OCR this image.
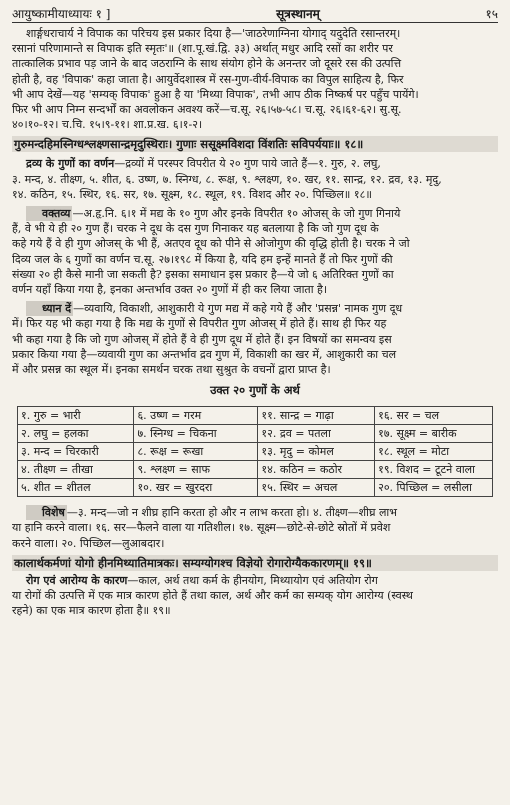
आयुष्कामीयाध्यायः १ ]	सूत्रस्थानम्	१५

शार्ङ्गधराचार्य ने विपाक का परिचय इस प्रकार दिया है—'जाठरेणाग्निना योगाद् यदुदेति रसान्तरम्।

रसानां परिणामान्ते स विपाक इति स्मृतः'॥ (शा.पू.खं.द्वि. ३३) अर्थात् मधुर आदि रसों का शरीर पर

तात्कालिक प्रभाव पड़ जाने के बाद जठराग्नि के साथ संयोग होने के अनन्तर जो दूसरे रस की उत्पत्ति

होती है, वह 'विपाक' कहा जाता है। आयुर्वेदशास्त्र में रस-गुण-वीर्य-विपाक का विपुल साहित्य है, फिर

भी आप देखें—यह 'सम्यक् विपाक' हुआ है या 'मिथ्या विपाक', तभी आप ठीक निष्कर्ष पर पहुँच पायेंगे।

फिर भी आप निम्न सन्दर्भों का अवलोकन अवश्य करें—च.सू. २६।५७-५८। च.सू. २६।६१-६२। सु.सू.

४०।१०-१२। च.चि. १५।९-११। शा.प्र.ख. ६।१-२।

गुरुमन्दहिमस्निग्धश्लक्ष्णसान्द्रमृदुस्थिराः। गुणाः ससूक्ष्मविशदा विंशतिः सविपर्ययाः॥ १८॥

द्रव्य के गुणों का वर्णन—द्रव्यों में परस्पर विपरीत ये २० गुण पाये जाते हैं—१. गुरु, २. लघु,

३. मन्द, ४. तीक्ष्ण, ५. शीत, ६. उष्ण, ७. स्निग्ध, ८. रूक्ष, ९. श्लक्ष्ण, १०. खर, ११. सान्द्र, १२. द्रव, १३. मृदु,

१४. कठिन, १५. स्थिर, १६. सर, १७. सूक्ष्म, १८. स्थूल, १९. विशद और २०. पिच्छिल॥ १८॥

वक्तव्य —अ.हृ.नि. ६।१ में मद्य के १० गुण और इनके विपरीत १० ओजस् के जो गुण गिनाये

हैं, वे भी ये ही २० गुण हैं। चरक ने दूध के दस गुण गिनाकर यह बतलाया है कि जो गुण दूध के

कहे गये हैं वे ही गुण ओजस् के भी हैं, अतएव दूध को पीने से ओजोगुण की वृद्धि होती है। चरक ने जो

दिव्य जल के ६ गुणों का वर्णन च.सू. २७।१९८ में किया है, यदि हम इन्हें मानते हैं तो फिर गुणों की

संख्या २० ही कैसे मानी जा सकती है? इसका समाधान इस प्रकार है—ये जो ६ अतिरिक्त गुणों का

वर्णन यहाँ किया गया है, इनका अन्तर्भाव उक्त २० गुणों में ही कर लिया जाता है।

ध्यान दें —व्यवायि, विकाशी, आशुकारी ये गुण मद्य में कहे गये हैं और 'प्रसन्न' नामक गुण दूध

में। फिर यह भी कहा गया है कि मद्य के गुणों से विपरीत गुण ओजस् में होते हैं। साथ ही फिर यह

भी कहा गया है कि जो गुण ओजस् में होते हैं वे ही गुण दूध में होते हैं। इन विषयों का समन्वय इस

प्रकार किया गया है—व्यवायी गुण का अन्तर्भाव द्रव गुण में, विकाशी का खर में, आशुकारी का चल

में और प्रसन्न का स्थूल में। इनका समर्थन चरक तथा सुश्रुत के वचनों द्वारा प्राप्त है।

उक्त २० गुणों के अर्थ
१. गुरु = भारी	६. उष्ण = गरम	११. सान्द्र = गाढ़ा	१६. सर = चल
२. लघु = हलका	७. स्निग्ध = चिकना	१२. द्रव = पतला	१७. सूक्ष्म = बारीक
३. मन्द = चिरकारी	८. रूक्ष = रूखा	१३. मृदु = कोमल	१८. स्थूल = मोटा
४. तीक्ष्ण = तीखा	९. श्लक्ष्ण = साफ	१४. कठिन = कठोर	१९. विशद = टूटने वाला
५. शीत = शीतल	१०. खर = खुरदरा	१५. स्थिर = अचल	२०. पिच्छिल = लसीला

विशेष —३. मन्द—जो न शीघ्र हानि करता हो और न लाभ करता हो। ४. तीक्ष्ण—शीघ्र लाभ

या हानि करने वाला। १६. सर—फैलने वाला या गतिशील। १७. सूक्ष्म—छोटे-से-छोटे स्रोतों में प्रवेश

करने वाला। २०. पिच्छिल—लुआबदार।

कालार्थकर्मणां योगो हीनमिथ्यातिमात्रकः। सम्यग्योगश्च विज्ञेयो रोगारोग्यैककारणम्॥ १९॥

रोग एवं आरोग्य के कारण—काल, अर्थ तथा कर्म के हीनयोग, मिथ्यायोग एवं अतियोग रोग

या रोगों की उत्पत्ति में एक मात्र कारण होते हैं तथा काल, अर्थ और कर्म का सम्यक् योग आरोग्य (स्वस्थ

रहने) का एक मात्र कारण होता है॥ १९॥
